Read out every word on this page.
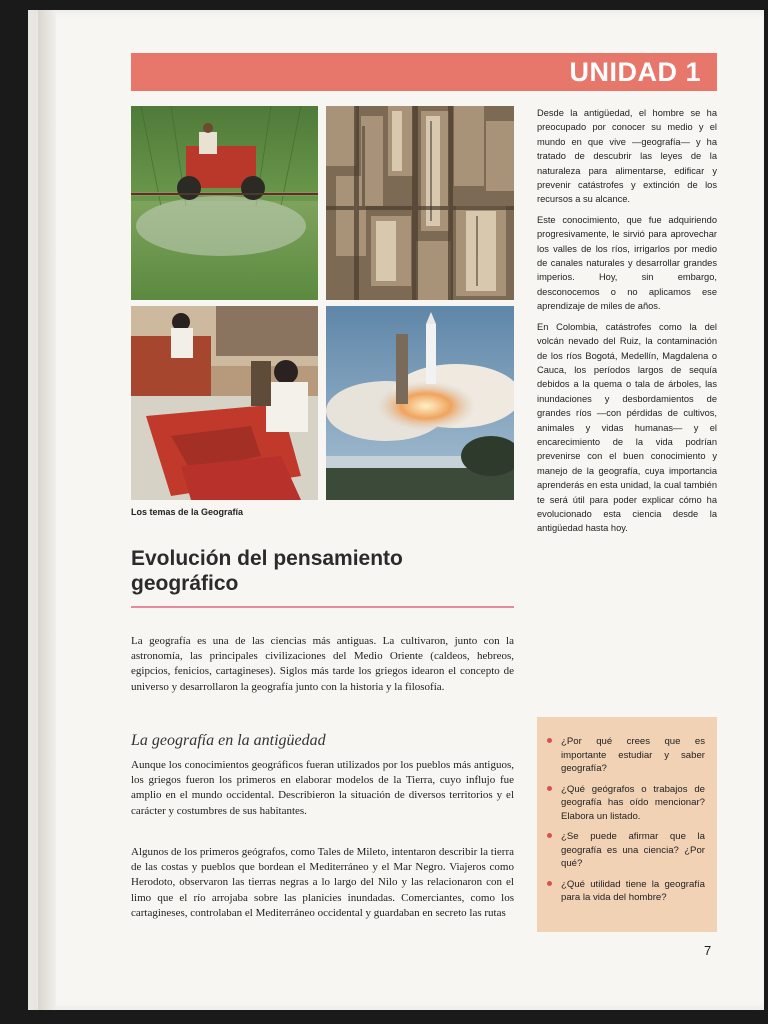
UNIDAD 1
Los temas de la Geografía

Desde la antigüedad, el hombre se ha preocupado por conocer su medio y el mundo en que vive —geografía— y ha tratado de descubrir las leyes de la naturaleza para alimentarse, edificar y prevenir catástrofes y extinción de los recursos a su alcance.

Este conocimiento, que fue adquiriendo progresivamente, le sirvió para aprovechar los valles de los ríos, irrigarlos por medio de canales naturales y desarrollar grandes imperios. Hoy, sin embargo, desconocemos o no aplicamos ese aprendizaje de miles de años.

En Colombia, catástrofes como la del volcán nevado del Ruiz, la contaminación de los ríos Bogotá, Medellín, Magdalena o Cauca, los períodos largos de sequía debidos a la quema o tala de árboles, las inundaciones y desbordamientos de grandes ríos —con pérdidas de cultivos, animales y vidas humanas— y el encarecimiento de la vida podrían prevenirse con el buen conocimiento y manejo de la geografía, cuya importancia aprenderás en esta unidad, la cual también te será útil para poder explicar cómo ha evolucionado esta ciencia desde la antigüedad hasta hoy.

Evolución del pensamiento geográfico

La geografía es una de las ciencias más antiguas. La cultivaron, junto con la astronomía, las principales civilizaciones del Medio Oriente (caldeos, hebreos, egipcios, fenicios, cartagineses). Siglos más tarde los griegos idearon el concepto de universo y desarrollaron la geografía junto con la historia y la filosofía.

La geografía en la antigüedad

Aunque los conocimientos geográficos fueran utilizados por los pueblos más antiguos, los griegos fueron los primeros en elaborar modelos de la Tierra, cuyo influjo fue amplio en el mundo occidental. Describieron la situación de diversos territorios y el carácter y costumbres de sus habitantes.

Algunos de los primeros geógrafos, como Tales de Mileto, intentaron describir la tierra de las costas y pueblos que bordean el Mediterráneo y el Mar Negro. Viajeros como Herodoto, observaron las tierras negras a lo largo del Nilo y las relacionaron con el limo que el río arrojaba sobre las planicies inundadas. Comerciantes, como los cartagineses, controlaban el Mediterráneo occidental y guardaban en secreto las rutas

¿Por qué crees que es importante estudiar y saber geografía?
¿Qué geógrafos o trabajos de geografía has oído mencionar? Elabora un listado.
¿Se puede afirmar que la geografía es una ciencia? ¿Por qué?
¿Qué utilidad tiene la geografía para la vida del hombre?
7
